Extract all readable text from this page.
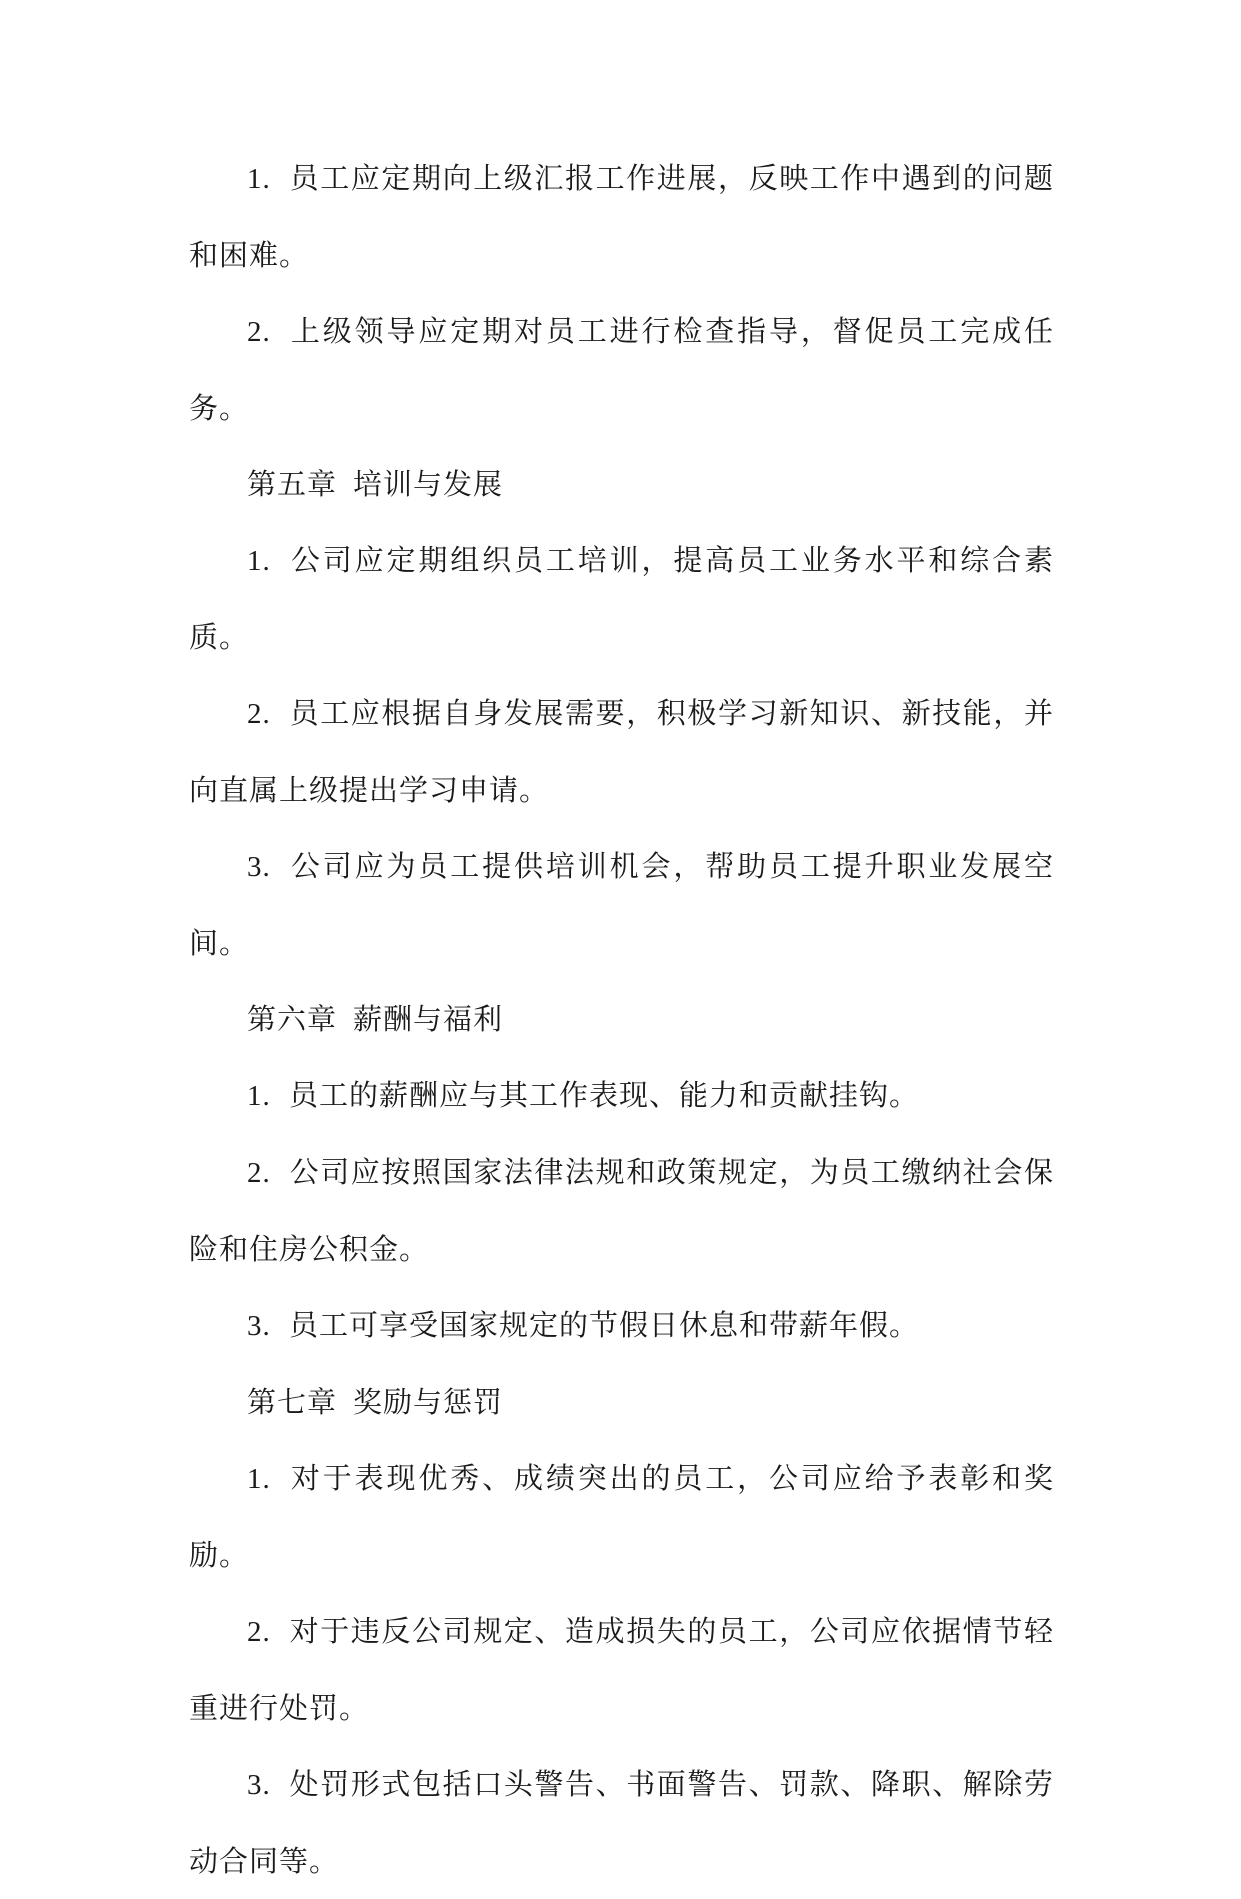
1. 员工应定期向上级汇报工作进展，反映工作中遇到的问题和困难。

2. 上级领导应定期对员工进行检查指导，督促员工完成任务。

第五章 培训与发展

1. 公司应定期组织员工培训，提高员工业务水平和综合素质。

2. 员工应根据自身发展需要，积极学习新知识、新技能，并向直属上级提出学习申请。

3. 公司应为员工提供培训机会，帮助员工提升职业发展空间。

第六章 薪酬与福利

1. 员工的薪酬应与其工作表现、能力和贡献挂钩。

2. 公司应按照国家法律法规和政策规定，为员工缴纳社会保险和住房公积金。

3. 员工可享受国家规定的节假日休息和带薪年假。

第七章 奖励与惩罚

1. 对于表现优秀、成绩突出的员工，公司应给予表彰和奖励。

2. 对于违反公司规定、造成损失的员工，公司应依据情节轻重进行处罚。

3. 处罚形式包括口头警告、书面警告、罚款、降职、解除劳动合同等。
